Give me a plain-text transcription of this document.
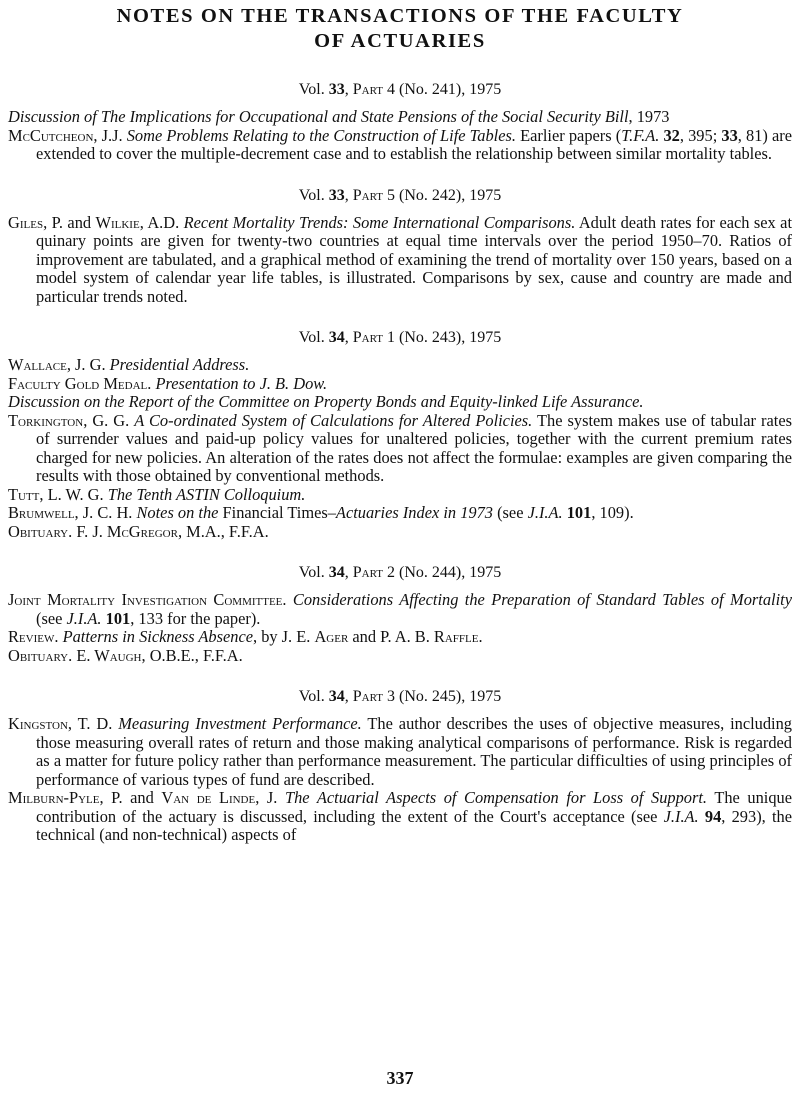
NOTES ON THE TRANSACTIONS OF THE FACULTY
OF ACTUARIES
Vol. 33, Part 4 (No. 241), 1975

Discussion of The Implications for Occupational and State Pensions of the Social Security Bill, 1973

McCutcheon, J.J. Some Problems Relating to the Construction of Life Tables. Earlier papers (T.F.A. 32, 395; 33, 81) are extended to cover the multiple-decrement case and to establish the relationship between similar mortality tables.

Vol. 33, Part 5 (No. 242), 1975

Giles, P. and Wilkie, A.D. Recent Mortality Trends: Some International Comparisons. Adult death rates for each sex at quinary points are given for twenty-two countries at equal time intervals over the period 1950–70. Ratios of improvement are tabulated, and a graphical method of examining the trend of mortality over 150 years, based on a model system of calendar year life tables, is illustrated. Comparisons by sex, cause and country are made and particular trends noted.

Vol. 34, Part 1 (No. 243), 1975

Wallace, J. G. Presidential Address.

Faculty Gold Medal. Presentation to J. B. Dow.

Discussion on the Report of the Committee on Property Bonds and Equity-linked Life Assurance.

Torkington, G. G. A Co-ordinated System of Calculations for Altered Policies. The system makes use of tabular rates of surrender values and paid-up policy values for unaltered policies, together with the current premium rates charged for new policies. An alteration of the rates does not affect the formulae: examples are given comparing the results with those obtained by conventional methods.

Tutt, L. W. G. The Tenth ASTIN Colloquium.

Brumwell, J. C. H. Notes on the Financial Times–Actuaries Index in 1973 (see J.I.A. 101, 109).

Obituary. F. J. McGregor, M.A., F.F.A.

Vol. 34, Part 2 (No. 244), 1975

Joint Mortality Investigation Committee. Considerations Affecting the Preparation of Standard Tables of Mortality (see J.I.A. 101, 133 for the paper).

Review. Patterns in Sickness Absence, by J. E. Ager and P. A. B. Raffle.

Obituary. E. Waugh, O.B.E., F.F.A.

Vol. 34, Part 3 (No. 245), 1975

Kingston, T. D. Measuring Investment Performance. The author describes the uses of objective measures, including those measuring overall rates of return and those making analytical comparisons of performance. Risk is regarded as a matter for future policy rather than performance measurement. The particular difficulties of using principles of performance of various types of fund are described.

Milburn-Pyle, P. and Van de Linde, J. The Actuarial Aspects of Compensation for Loss of Support. The unique contribution of the actuary is discussed, including the extent of the Court's acceptance (see J.I.A. 94, 293), the technical (and non-technical) aspects of

337
